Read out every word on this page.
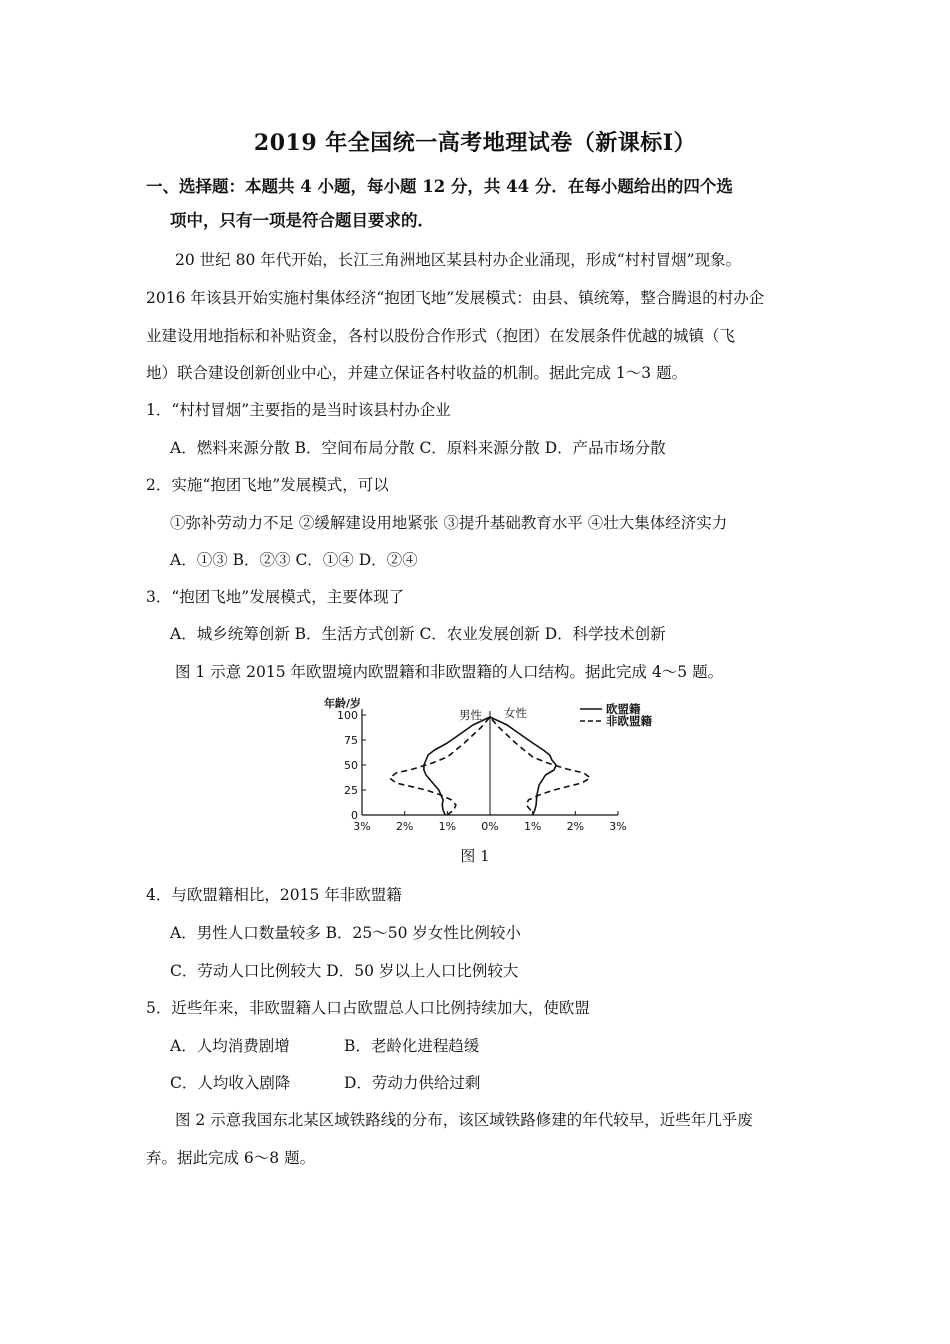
2019 年全国统一高考地理试卷（新课标Ⅰ）
一、选择题：本题共 4 小题，每小题 12 分，共 44 分．在每小题给出的四个选
项中，只有一项是符合题目要求的．
20 世纪 80 年代开始，长江三角洲地区某县村办企业涌现，形成“村村冒烟”现象。
2016 年该县开始实施村集体经济“抱团飞地”发展模式：由县、镇统筹，整合腾退的村办企
业建设用地指标和补贴资金，各村以股份合作形式（抱团）在发展条件优越的城镇（飞
地）联合建设创新创业中心，并建立保证各村收益的机制。据此完成 1～3 题。
1．“村村冒烟”主要指的是当时该县村办企业
A．燃料来源分散 B．空间布局分散 C．原料来源分散 D．产品市场分散
2．实施“抱团飞地”发展模式，可以
①弥补劳动力不足 ②缓解建设用地紧张 ③提升基础教育水平 ④壮大集体经济实力
A．①③ B．②③ C．①④ D．②④
3．“抱团飞地”发展模式，主要体现了
A．城乡统筹创新 B．生活方式创新 C．农业发展创新 D．科学技术创新
图 1 示意 2015 年欧盟境内欧盟籍和非欧盟籍的人口结构。据此完成 4～5 题。
0
25
50
75
100
年龄/岁
3% 2% 1% 0% 1% 2% 3%
男性 女性	欧盟籍
非欧盟籍
图 1
4．与欧盟籍相比，2015 年非欧盟籍
A．男性人口数量较多 B．25～50 岁女性比例较小
C．劳动人口比例较大 D．50 岁以上人口比例较大
5．近些年来，非欧盟籍人口占欧盟总人口比例持续加大，使欧盟
A．人均消费剧增	B．老龄化进程趋缓
C．人均收入剧降	D．劳动力供给过剩
图 2 示意我国东北某区域铁路线的分布，该区域铁路修建的年代较早，近些年几乎废
弃。据此完成 6～8 题。
